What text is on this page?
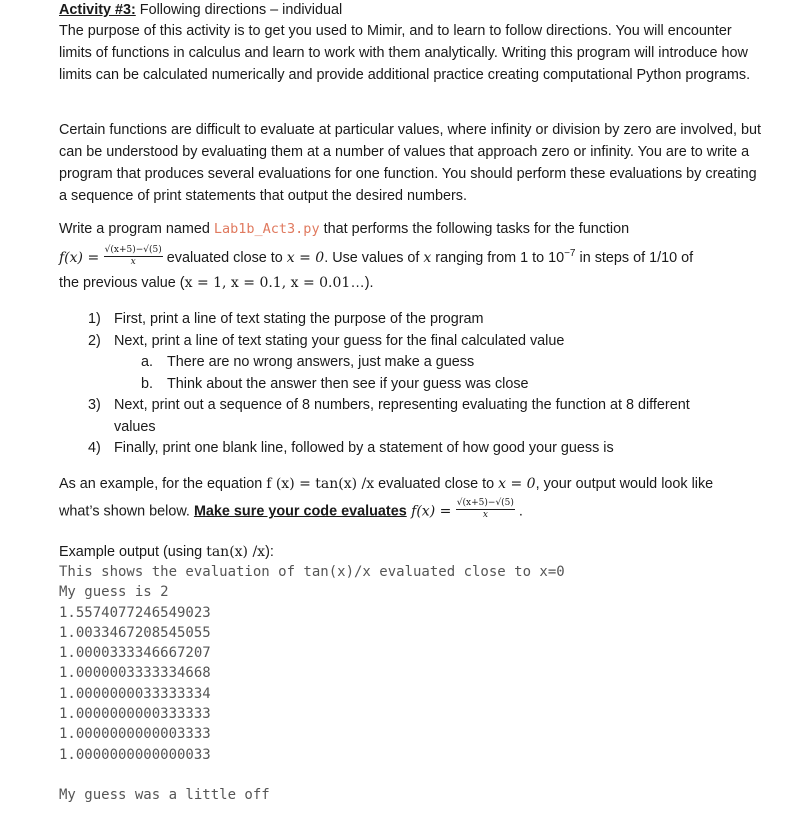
Activity #3: Following directions – individual

The purpose of this activity is to get you used to Mimir, and to learn to follow directions. You will encounter limits of functions in calculus and learn to work with them analytically. Writing this program will introduce how limits can be calculated numerically and provide additional practice creating computational Python programs.

Certain functions are difficult to evaluate at particular values, where infinity or division by zero are involved, but can be understood by evaluating them at a number of values that approach zero or infinity. You are to write a program that produces several evaluations for one function. You should perform these evaluations by creating a sequence of print statements that output the desired numbers.

Write a program named Lab1b_Act3.py that performs the following tasks for the function
$f(x) = \frac{√(x+5)-√(5)}{x}$ evaluated close to x = 0. Use values of x ranging from 1 to $10^{-7}$ in steps of 1/10 of
the previous value (x = 1, x = 0.1, x = 0.01…).
1) First, print a line of text stating the purpose of the program
2) Next, print a line of text stating your guess for the final calculated value
a. There are no wrong answers, just make a guess
b. Think about the answer then see if your guess was close
3) Next, print out a sequence of 8 numbers, representing evaluating the function at 8 different
values
4) Finally, print one blank line, followed by a statement of how good your guess is
As an example, for the equation f (x) = tan(x) /x evaluated close to x = 0, your output would look like
what’s shown below. Make sure your code evaluates $f(x) = \frac{√(x+5)-√(5)}{x}$ .
Example output (using tan(x) /x):

This shows the evaluation of tan(x)/x evaluated close to x=0

My guess is 2

1.5574077246549023

1.0033467208545055

1.0000333346667207

1.0000003333334668

1.0000000033333334

1.0000000000333333

1.0000000000003333

1.0000000000000033

My guess was a little off
